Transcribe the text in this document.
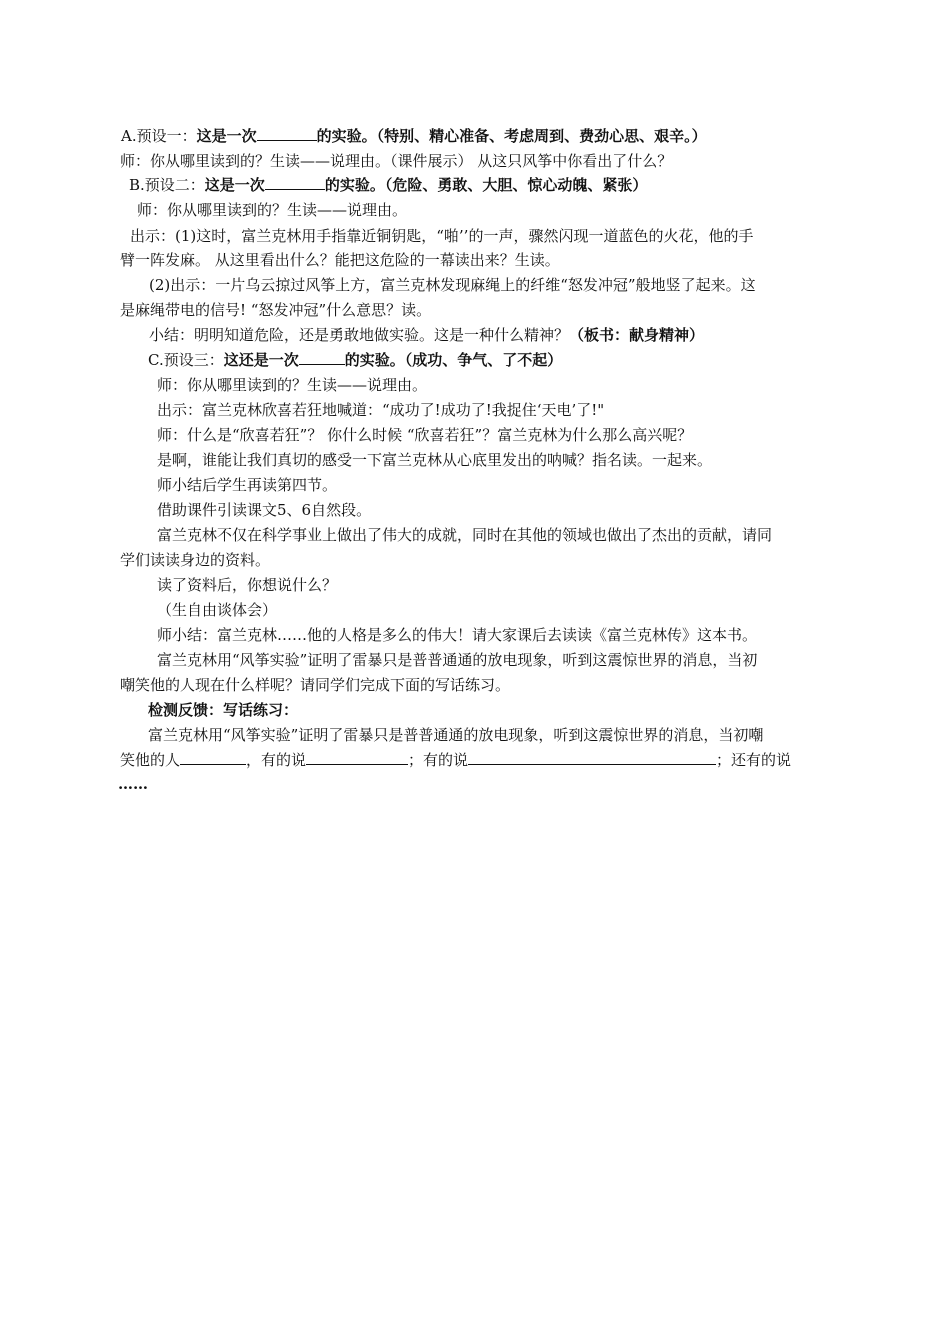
A.预设一：这是一次	的实验。（特别、精心准备、考虑周到、费劲心思、艰辛。）
师：你从哪里读到的？生读——说理由。（课件展示） 从这只风筝中你看出了什么？
B.预设二：这是一次	的实验。（危险、勇敢、大胆、惊心动魄、紧张）
师：你从哪里读到的？生读——说理由。
出示：(1)这时，富兰克林用手指靠近铜钥匙，“啪’’的一声，骤然闪现一道蓝色的火花，他的手
臂一阵发麻。 从这里看出什么？能把这危险的一幕读出来？生读。
(2)出示：一片乌云掠过风筝上方，富兰克林发现麻绳上的纤维“怒发冲冠”般地竖了起来。这
是麻绳带电的信号! “怒发冲冠”什么意思？读。
小结：明明知道危险，还是勇敢地做实验。这是一种什么精神？（板书：献身精神）
C.预设三：这还是一次	的实验。（成功、争气、了不起）
师：你从哪里读到的？生读——说理由。
出示：富兰克林欣喜若狂地喊道：“成功了!成功了!我捉住‘天电’了!"
师：什么是“欣喜若狂”？ 你什么时候 “欣喜若狂”？富兰克林为什么那么高兴呢？
是啊，谁能让我们真切的感受一下富兰克林从心底里发出的呐喊？指名读。一起来。
师小结后学生再读第四节。
借助课件引读课文5、6自然段。
富兰克林不仅在科学事业上做出了伟大的成就，同时在其他的领域也做出了杰出的贡献，请同
学们读读身边的资料。
读了资料后，你想说什么？
（生自由谈体会）
师小结：富兰克林……他的人格是多么的伟大！请大家课后去读读《富兰克林传》这本书。
富兰克林用“风筝实验”证明了雷暴只是普普通通的放电现象，听到这震惊世界的消息，当初
嘲笑他的人现在什么样呢？请同学们完成下面的写话练习。
检测反馈：写话练习：
富兰克林用“风筝实验”证明了雷暴只是普普通通的放电现象，听到这震惊世界的消息，当初嘲
笑他的人	，有的说	；有的说	；还有的说
……
